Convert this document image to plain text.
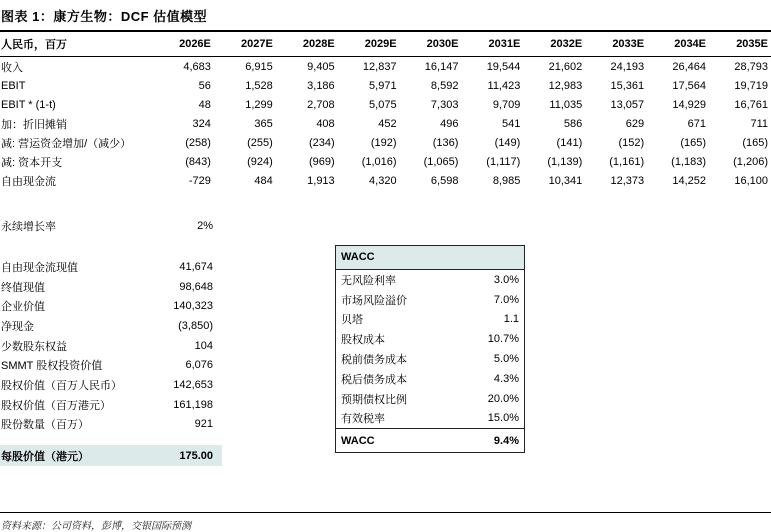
图表 1：康方生物：DCF 估值模型
人民币，百万	2026E	2027E	2028E	2029E	2030E	2031E	2032E	2033E	2034E	2035E
收入	4,683	6,915	9,405	12,837	16,147	19,544	21,602	24,193	26,464	28,793
EBIT	56	1,528	3,186	5,971	8,592	11,423	12,983	15,361	17,564	19,719
EBIT * (1-t)	48	1,299	2,708	5,075	7,303	9,709	11,035	13,057	14,929	16,761
加：折旧摊销	324	365	408	452	496	541	586	629	671	711
减: 营运资金增加/（减少）	(258)	(255)	(234)	(192)	(136)	(149)	(141)	(152)	(165)	(165)
减: 资本开支	(843)	(924)	(969)	(1,016)	(1,065)	(1,117)	(1,139)	(1,161)	(1,183)	(1,206)
自由现金流	-729	484	1,913	4,320	6,598	8,985	10,341	12,373	14,252	16,100
永续增长率	2%
自由现金流现值	41,674
终值现值	98,648
企业价值	140,323
净现金	(3,850)
少数股东权益	104
SMMT 股权投资价值	6,076
股权价值（百万人民币）	142,653
股权价值（百万港元）	161,198
股份数量（百万）	921
每股价值（港元）	175.00
WACC
无风险利率	3.0%
市场风险溢价	7.0%
贝塔	1.1
股权成本	10.7%
税前债务成本	5.0%
税后债务成本	4.3%
预期债权比例	20.0%
有效税率	15.0%
WACC	9.4%
资料来源：公司资料，彭博，交银国际预测
